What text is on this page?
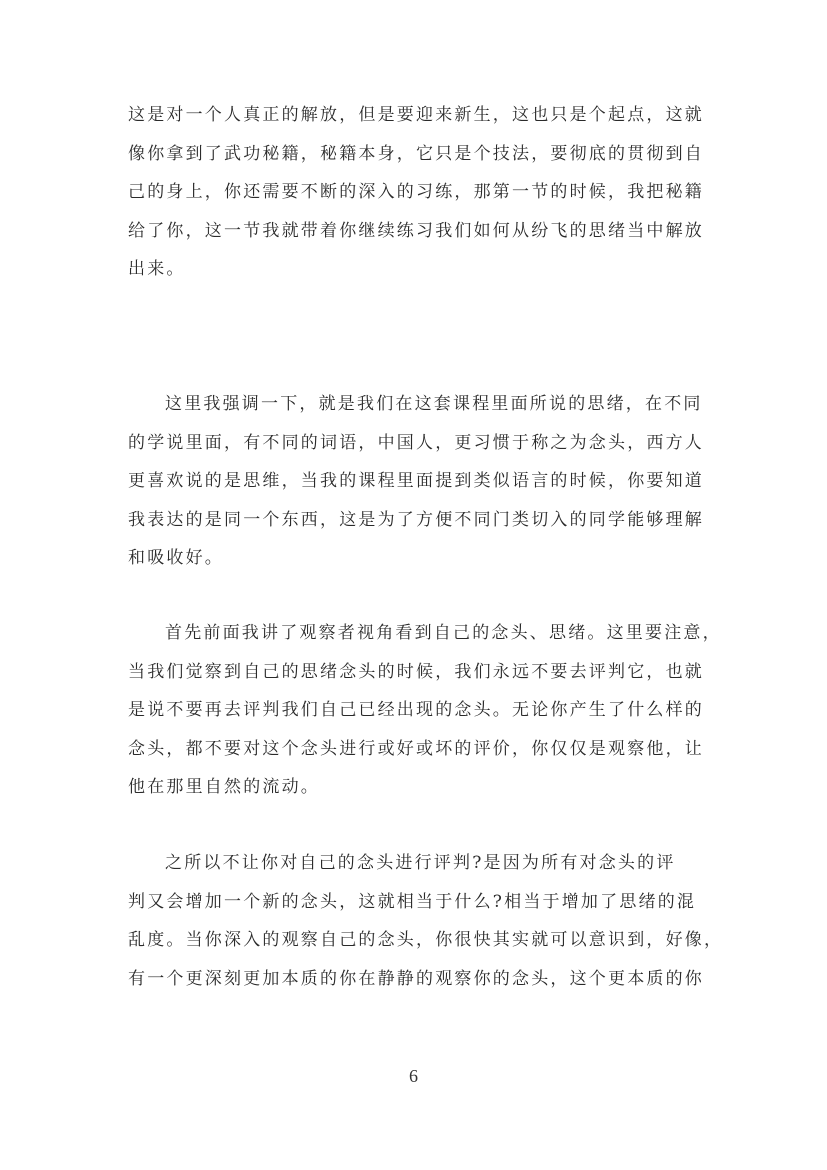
这是对一个人真正的解放，但是要迎来新生，这也只是个起点，这就
像你拿到了武功秘籍，秘籍本身，它只是个技法，要彻底的贯彻到自
己的身上，你还需要不断的深入的习练，那第一节的时候，我把秘籍
给了你，这一节我就带着你继续练习我们如何从纷飞的思绪当中解放
出来。
这里我强调一下，就是我们在这套课程里面所说的思绪，在不同
的学说里面，有不同的词语，中国人，更习惯于称之为念头，西方人
更喜欢说的是思维，当我的课程里面提到类似语言的时候，你要知道
我表达的是同一个东西，这是为了方便不同门类切入的同学能够理解
和吸收好。
首先前面我讲了观察者视角看到自己的念头、思绪。这里要注意，
当我们觉察到自己的思绪念头的时候，我们永远不要去评判它，也就
是说不要再去评判我们自己已经出现的念头。无论你产生了什么样的
念头，都不要对这个念头进行或好或坏的评价，你仅仅是观察他，让
他在那里自然的流动。
之所以不让你对自己的念头进行评判?是因为所有对念头的评
判又会增加一个新的念头，这就相当于什么?相当于增加了思绪的混
乱度。当你深入的观察自己的念头，你很快其实就可以意识到，好像，
有一个更深刻更加本质的你在静静的观察你的念头，这个更本质的你
6
